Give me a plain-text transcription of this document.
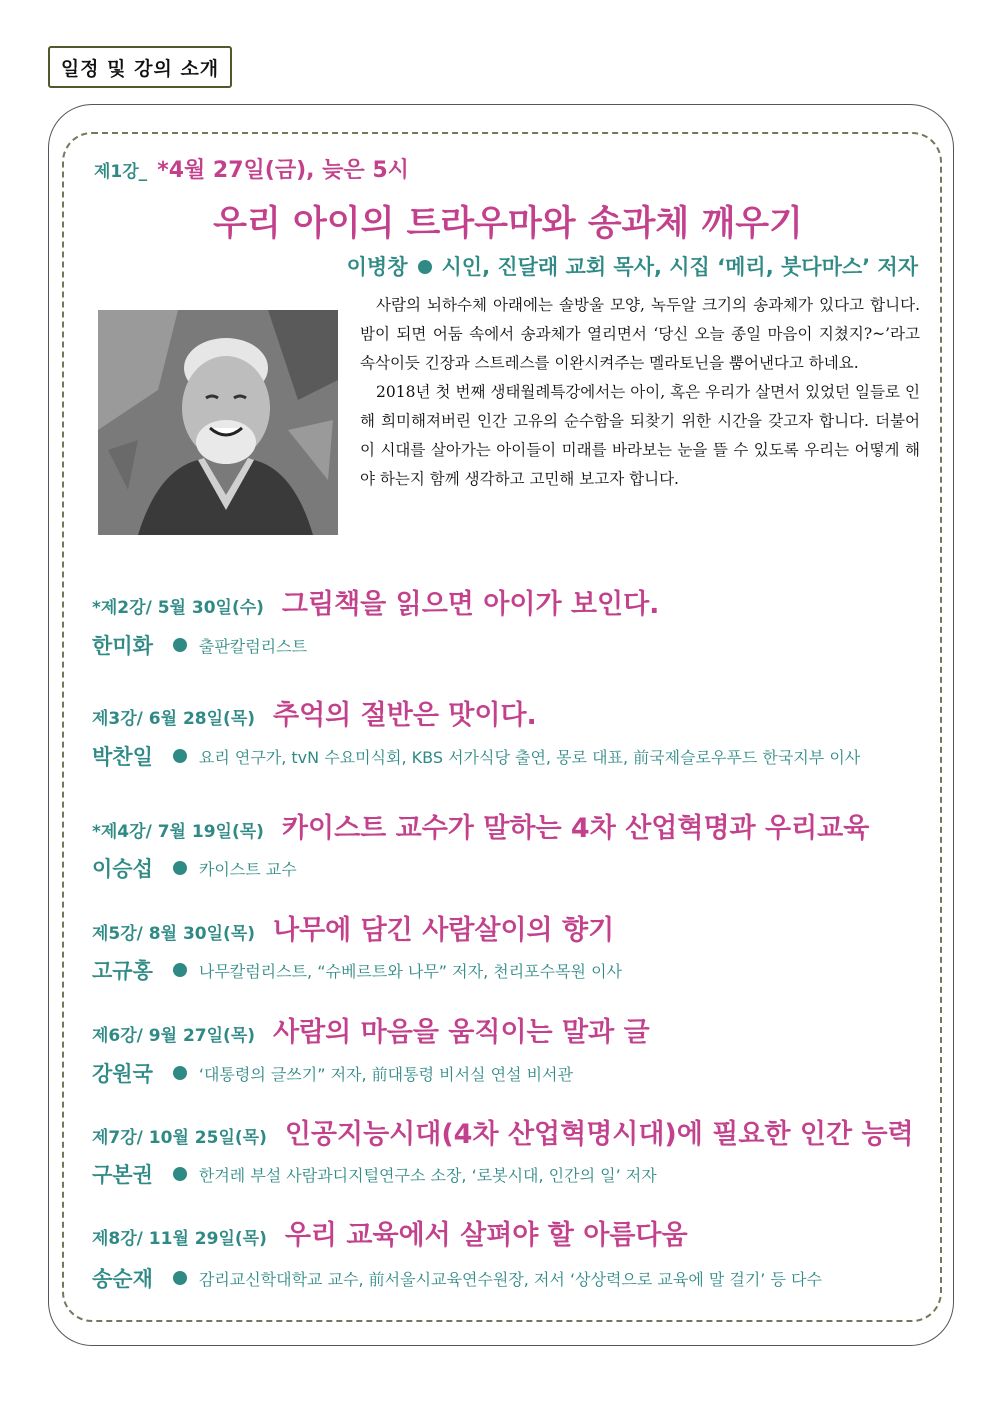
일정 및 강의 소개
제1강_ *4월 27일(금), 늦은 5시
우리 아이의 트라우마와 송과체 깨우기
이병창 시인, 진달래 교회 목사, 시집 ‘메리, 붓다마스’ 저자

사람의 뇌하수체 아래에는 솔방울 모양, 녹두알 크기의 송과체가 있다고 합니다. 밤이 되면 어둠 속에서 송과체가 열리면서 ‘당신 오늘 종일 마음이 지쳤지?~’라고 속삭이듯 긴장과 스트레스를 이완시켜주는 멜라토닌을 뿜어낸다고 하네요.

2018년 첫 번째 생태월례특강에서는 아이, 혹은 우리가 살면서 있었던 일들로 인해 희미해져버린 인간 고유의 순수함을 되찾기 위한 시간을 갖고자 합니다. 더불어 이 시대를 살아가는 아이들이 미래를 바라보는 눈을 뜰 수 있도록 우리는 어떻게 해야 하는지 함께 생각하고 고민해 보고자 합니다.

*제2강/ 5월 30일(수) 그림책을 읽으면 아이가 보인다.
한미화	출판칼럼리스트
제3강/ 6월 28일(목) 추억의 절반은 맛이다.
박찬일	요리 연구가, tvN 수요미식회, KBS 서가식당 출연, 몽로 대표, 前국제슬로우푸드 한국지부 이사
*제4강/ 7월 19일(목) 카이스트 교수가 말하는 4차 산업혁명과 우리교육
이승섭	카이스트 교수
제5강/ 8월 30일(목) 나무에 담긴 사람살이의 향기
고규홍	나무칼럼리스트, “슈베르트와 나무” 저자, 천리포수목원 이사
제6강/ 9월 27일(목) 사람의 마음을 움직이는 말과 글
강원국	‘대통령의 글쓰기” 저자, 前대통령 비서실 연설 비서관
제7강/ 10월 25일(목) 인공지능시대(4차 산업혁명시대)에 필요한 인간 능력
구본권	한겨레 부설 사람과디지털연구소 소장, ‘로봇시대, 인간의 일’ 저자
제8강/ 11월 29일(목) 우리 교육에서 살펴야 할 아름다움
송순재	감리교신학대학교 교수, 前서울시교육연수원장, 저서 ‘상상력으로 교육에 말 걸기’ 등 다수
